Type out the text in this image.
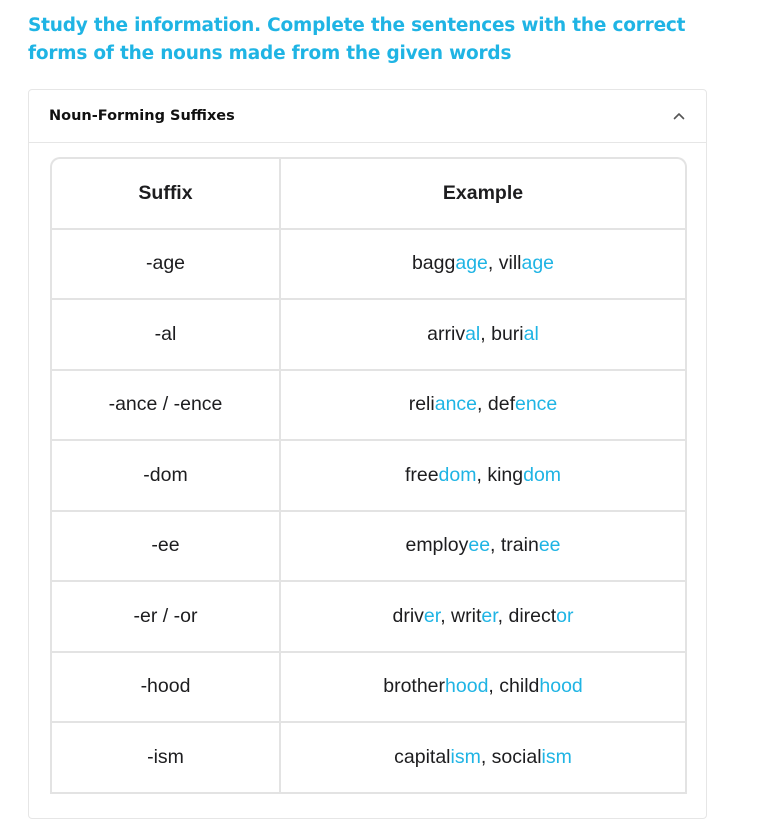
Study the information. Complete the sentences with the correct forms of the nouns made from the given words
Noun-Forming Suffixes
Suffix	Example
-age	baggage, village
-al	arrival, burial
-ance / -ence	reliance, defence
-dom	freedom, kingdom
-ee	employee, trainee
-er / -or	driver, writer, director
-hood	brotherhood, childhood
-ism	capitalism, socialism
